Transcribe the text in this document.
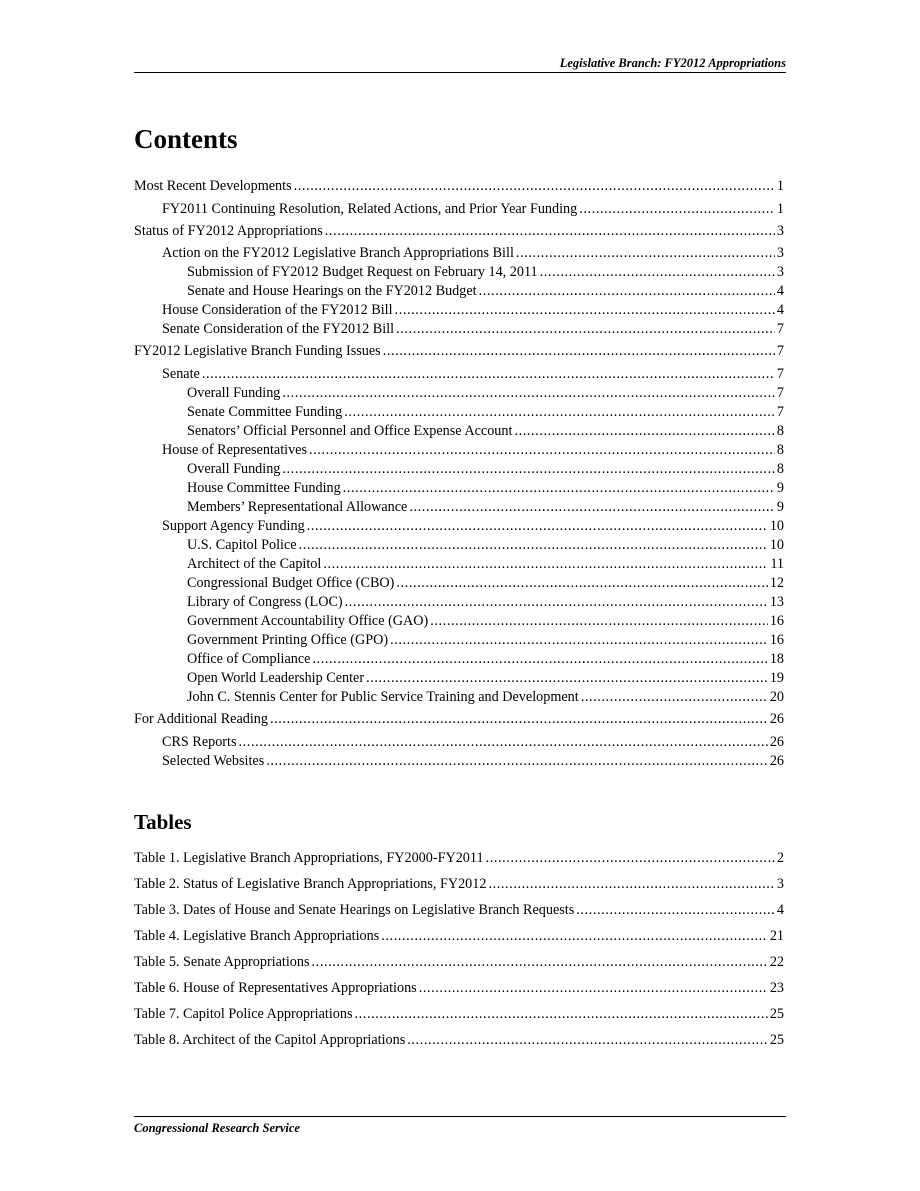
Legislative Branch: FY2012 Appropriations
Contents
Most Recent Developments .....	1
FY2011 Continuing Resolution, Related Actions, and Prior Year Funding .....	1
Status of FY2012 Appropriations .....	3
Action on the FY2012 Legislative Branch Appropriations Bill .....	3
Submission of FY2012 Budget Request on February 14, 2011 .....	3
Senate and House Hearings on the FY2012 Budget .....	4
House Consideration of the FY2012 Bill .....	4
Senate Consideration of the FY2012 Bill .....	7
FY2012 Legislative Branch Funding Issues .....	7
Senate .....	7
Overall Funding .....	7
Senate Committee Funding .....	7
Senators’ Official Personnel and Office Expense Account .....	8
House of Representatives .....	8
Overall Funding .....	8
House Committee Funding .....	9
Members’ Representational Allowance .....	9
Support Agency Funding .....	10
U.S. Capitol Police .....	10
Architect of the Capitol .....	11
Congressional Budget Office (CBO) .....	12
Library of Congress (LOC) .....	13
Government Accountability Office (GAO) .....	16
Government Printing Office (GPO) .....	16
Office of Compliance .....	18
Open World Leadership Center .....	19
John C. Stennis Center for Public Service Training and Development .....	20
For Additional Reading .....	26
CRS Reports .....	26
Selected Websites .....	26
Tables
Table 1. Legislative Branch Appropriations, FY2000-FY2011 .....	2
Table 2. Status of Legislative Branch Appropriations, FY2012 .....	3
Table 3. Dates of House and Senate Hearings on Legislative Branch Requests .....	4
Table 4. Legislative Branch Appropriations .....	21
Table 5. Senate Appropriations .....	22
Table 6. House of Representatives Appropriations .....	23
Table 7. Capitol Police Appropriations .....	25
Table 8. Architect of the Capitol Appropriations .....	25
Congressional Research Service
